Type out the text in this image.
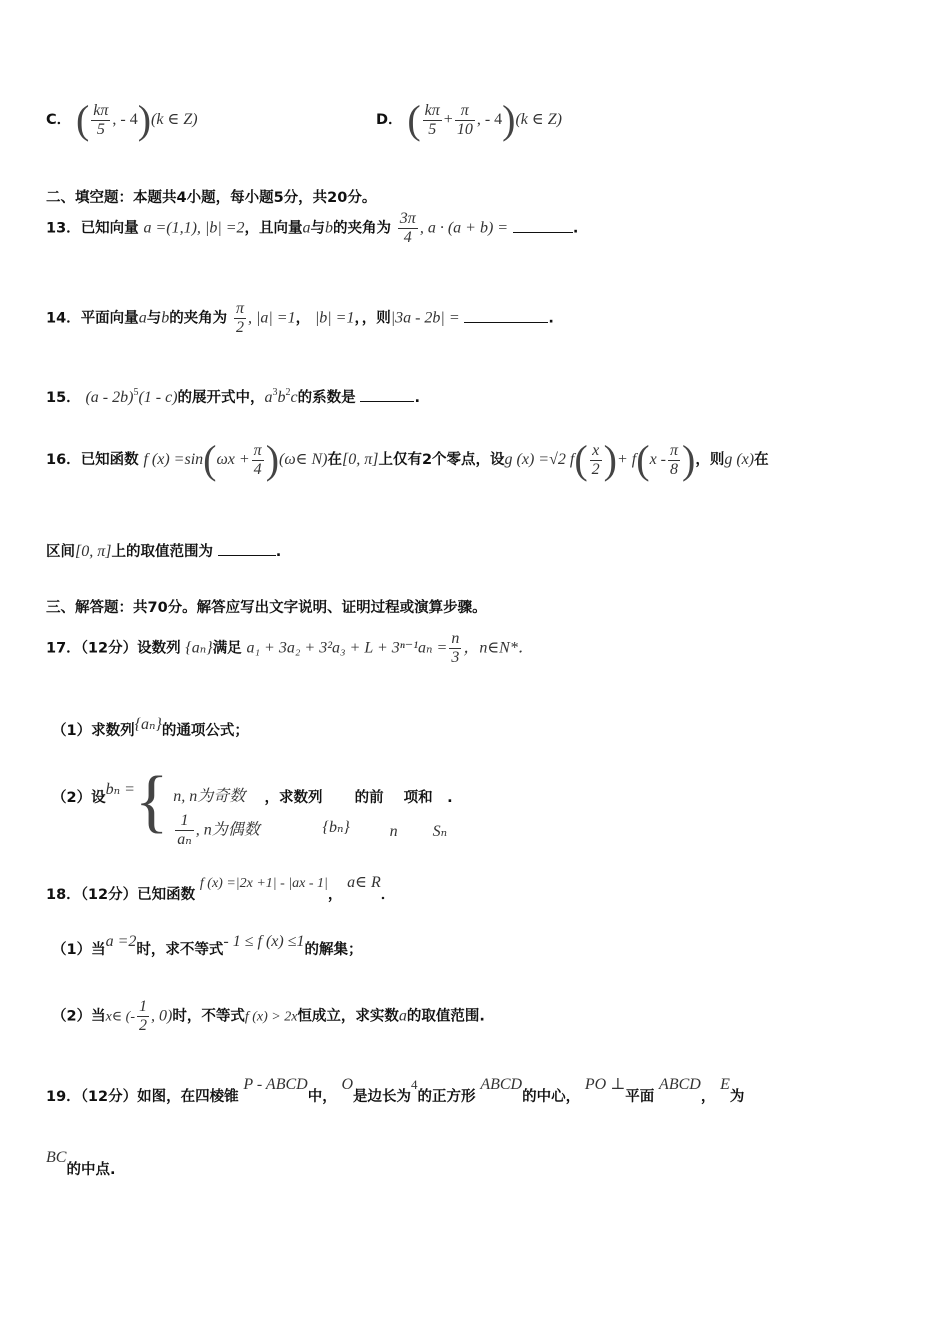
C． ( $\frac{k\pi}{5}$ , - 4)(k ∈ Z)	D． ( $\frac{k\pi}{5} + \frac{\pi}{10}$ , - 4)(k ∈ Z)
二、填空题：本题共4小题，每小题5分，共20分。
13．已知向量 a =(1,1), |b| =2，且向量a与b的夹角为 $\frac{3\pi}{4}$ , a · (a + b) =	.
14．平面向量a与b的夹角为 $\frac{\pi}{2}$ , |a| =1， |b| =1，，则|3a - 2b| =	.
15． (a - 2b)$^5$(1 - c)的展开式中，$a^3b^2c$的系数是	.
16．已知函数 f $(x) =\sin(\omega x + \frac{\pi}{4}$ )(ω∈ N)在[0, π]上仅有2个零点，设g (x) =√2 $f( \frac{x}{2}$ )+ $f(x - \frac{\pi}{8}$ )，则g (x)在
区间[0, π]上的取值范围为	.
三、解答题：共70分。解答应写出文字说明、证明过程或演算步骤。
17．（12分）设数列 {aₙ}满足 $a_1 + 3a_2 + 3^2a_3 + L + 3^{n-1}a_n = \frac{n}{3}$ ，n∈N*．
（1）求数列{aₙ}的通项公式；
（2）设bₙ ={ n, n为奇数
$\frac{1}{\text{aₙ}}$ , n为偶数
，求数列{bₙ} 的前n项和Sₙ.
18．（12分）已知函数 f (x) =|2x +1| - |ax - 1|， a∈ R．
（1）当a =2时，求不等式- 1 ≤ f (x) ≤1的解集；
（2）当x∈ (- $\frac{1}{2}$ , 0)时，不等式f (x) > 2x恒成立，求实数a的取值范围.
19．（12分）如图，在四棱锥 P - ABCD中， O是边长为4的正方形 ABCD的中心， PO ⊥平面 ABCD， E为
BC的中点.
